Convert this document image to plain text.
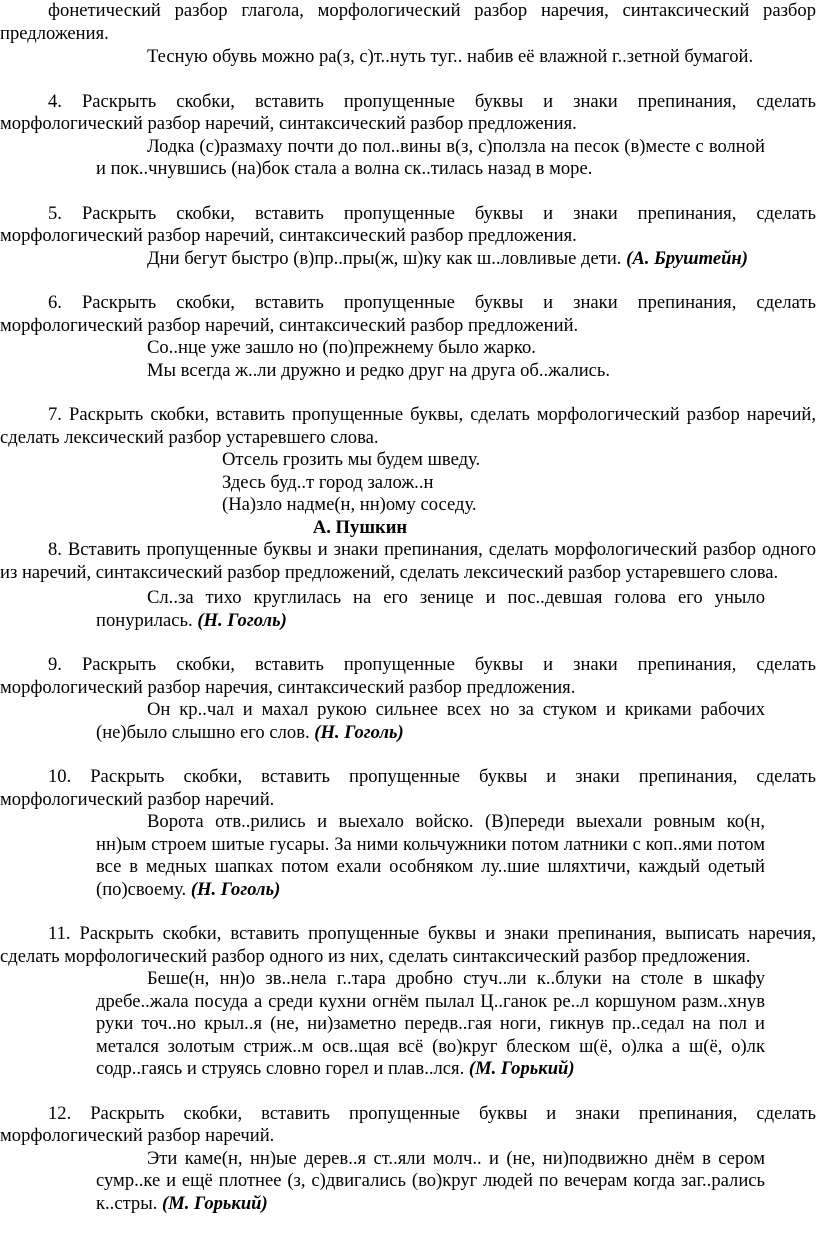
фонетический разбор глагола, морфологический разбор наречия, синтаксический разбор предложения.

Тесную обувь можно ра(з, с)т..нуть туг.. набив её влажной г..зетной бумагой.

4. Раскрыть скобки, вставить пропущенные буквы и знаки препинания, сделать морфологический разбор наречий, синтаксический разбор предложения.

Лодка (с)размаху почти до пол..вины в(з, с)ползла на песок (в)месте с волной и пок..чнувшись (на)бок стала а волна ск..тилась назад в море.

5. Раскрыть скобки, вставить пропущенные буквы и знаки препинания, сделать морфологический разбор наречий, синтаксический разбор предложения.

Дни бегут быстро (в)пр..пры(ж, ш)ку как ш..ловливые дети. (А. Бруштейн)

6. Раскрыть скобки, вставить пропущенные буквы и знаки препинания, сделать морфологический разбор наречий, синтаксический разбор предложений.

Со..нце уже зашло но (по)прежнему было жарко.

Мы всегда ж..ли дружно и редко друг на друга об..жались.

7. Раскрыть скобки, вставить пропущенные буквы, сделать морфологический разбор наречий, сделать лексический разбор устаревшего слова.

Отсель грозить мы будем шведу.

Здесь буд..т город залож..н

(На)зло надме(н, нн)ому соседу.

А. Пушкин

8. Вставить пропущенные буквы и знаки препинания, сделать морфологический разбор одного из наречий, синтаксический разбор предложений, сделать лексический разбор устаревшего слова.

Сл..за тихо круглилась на его зенице и пос..девшая голова его уныло понурилась. (Н. Гоголь)

9. Раскрыть скобки, вставить пропущенные буквы и знаки препинания, сделать морфологический разбор наречия, синтаксический разбор предложения.

Он кр..чал и махал рукою сильнее всех но за стуком и криками рабочих (не)было слышно его слов. (Н. Гоголь)

10. Раскрыть скобки, вставить пропущенные буквы и знаки препинания, сделать морфологический разбор наречий.

Ворота отв..рились и выехало войско. (В)переди выехали ровным ко(н, нн)ым строем шитые гусары. За ними кольчужники потом латники с коп..ями потом все в медных шапках потом ехали особняком лу..шие шляхтичи, каждый одетый (по)своему. (Н. Гоголь)

11. Раскрыть скобки, вставить пропущенные буквы и знаки препинания, выписать наречия, сделать морфологический разбор одного из них, сделать синтаксический разбор предложения.

Беше(н, нн)о зв..нела г..тара дробно стуч..ли к..блуки на столе в шкафу дребе..жала посуда а среди кухни огнём пылал Ц..ганок ре..л коршуном разм..хнув руки точ..но крыл..я (не, ни)заметно передв..гая ноги, гикнув пр..седал на пол и метался золотым стриж..м осв..щая всё (во)круг блеском ш(ё, о)лка а ш(ё, о)лк содр..гаясь и струясь словно горел и плав..лся. (М. Горький)

12. Раскрыть скобки, вставить пропущенные буквы и знаки препинания, сделать морфологический разбор наречий.

Эти каме(н, нн)ые дерев..я ст..яли молч.. и (не, ни)подвижно днём в сером сумр..ке и ещё плотнее (з, с)двигались (во)круг людей по вечерам когда заг..рались к..стры. (М. Горький)
